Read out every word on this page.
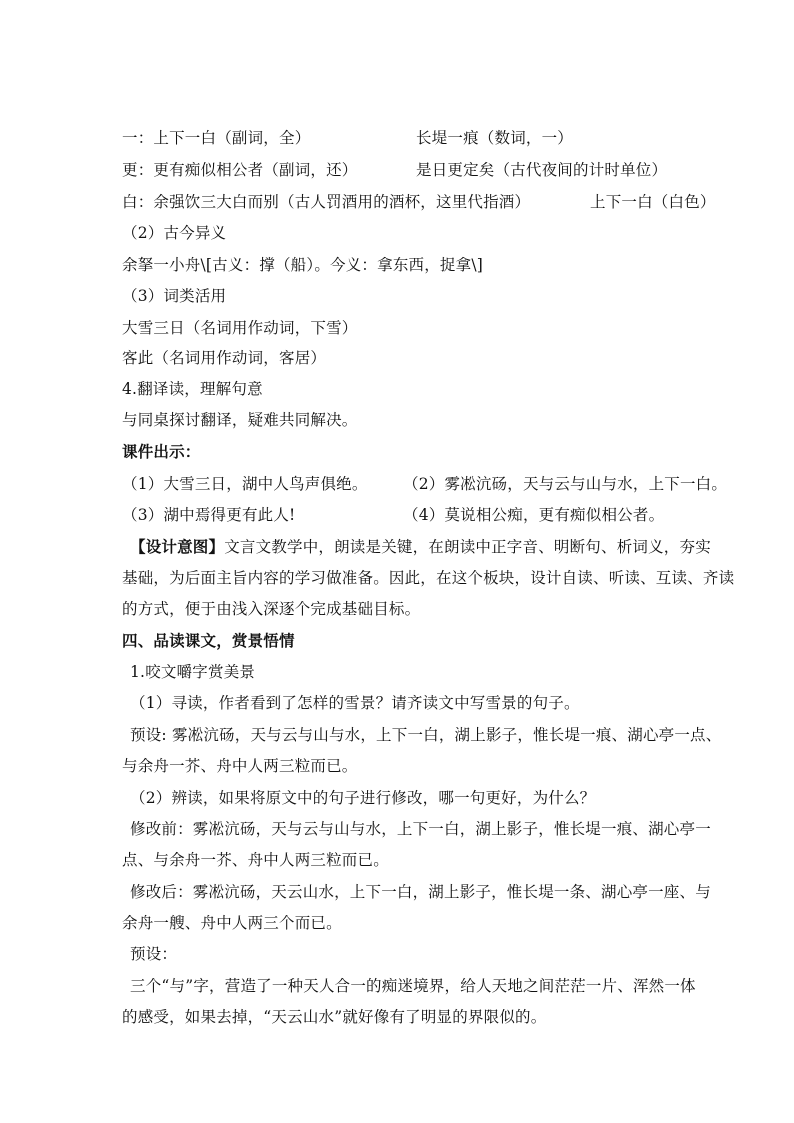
一：上下一白（副词，全）	长堤一痕（数词，一）
更：更有痴似相公者（副词，还）	是日更定矣（古代夜间的计时单位）
白：余强饮三大白而别（古人罚酒用的酒杯，这里代指酒）	上下一白（白色）
（2）古今异义
余拏一小舟\[古义：撑（船）。今义：拿东西，捉拿\]
（3）词类活用
大雪三日（名词用作动词，下雪）
客此（名词用作动词，客居）
4.翻译读，理解句意
与同桌探讨翻译，疑难共同解决。
课件出示：
（1）大雪三日，湖中人鸟声俱绝。 （2）雾凇沆砀，天与云与山与水，上下一白。
（3）湖中焉得更有此人!	（4）莫说相公痴，更有痴似相公者。
【设计意图】文言文教学中，朗读是关键，在朗读中正字音、明断句、析词义，夯实
基础，为后面主旨内容的学习做准备。因此，在这个板块，设计自读、听读、互读、齐读
的方式，便于由浅入深逐个完成基础目标。
四、品读课文，赏景悟情
1.咬文嚼字赏美景
（1）寻读，作者看到了怎样的雪景？请齐读文中写雪景的句子。
预设: 雾凇沆砀，天与云与山与水，上下一白，湖上影子，惟长堤一痕、湖心亭一点、
与余舟一芥、舟中人两三粒而已。
（2）辨读，如果将原文中的句子进行修改，哪一句更好，为什么？
修改前：雾凇沆砀，天与云与山与水，上下一白，湖上影子，惟长堤一痕、湖心亭一
点、与余舟一芥、舟中人两三粒而已。
修改后：雾凇沆砀，天云山水，上下一白，湖上影子，惟长堤一条、湖心亭一座、与
余舟一艘、舟中人两三个而已。
预设：
三个“与”字，营造了一种天人合一的痴迷境界，给人天地之间茫茫一片、浑然一体
的感受，如果去掉，“天云山水”就好像有了明显的界限似的。
